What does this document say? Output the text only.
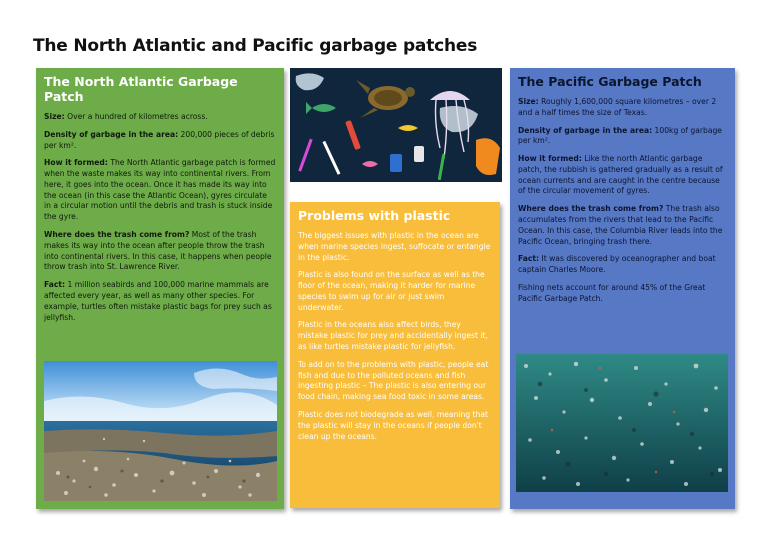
The North Atlantic and Pacific garbage patches
The North Atlantic Garbage Patch

Size: Over a hundred of kilometres across.

Density of garbage in the area: 200,000 pieces of debris per km².

How it formed: The North Atlantic garbage patch is formed when the waste makes its way into continental rivers. From here, it goes into the ocean. Once it has made its way into the ocean (in this case the Atlantic Ocean), gyres circulate in a circular motion until the debris and trash is stuck inside the gyre.

Where does the trash come from? Most of the trash makes its way into the ocean after people throw the trash into continental rivers. In this case, it happens when people throw trash into St. Lawrence River.

Fact: 1 million seabirds and 100,000 marine mammals are affected every year, as well as many other species. For example, turtles often mistake plastic bags for prey such as jellyfish.

Problems with plastic

The biggest issues with plastic in the ocean are when marine species ingest, suffocate or entangle in the plastic.

Plastic is also found on the surface as well as the floor of the ocean, making it harder for marine species to swim up for air or just swim underwater.

Plastic in the oceans also affect birds, they mistake plastic for prey and accidentally ingest it, as like turtles mistake plastic for jellyfish.

To add on to the problems with plastic, people eat fish and due to the polluted oceans and fish ingesting plastic – The plastic is also entering our food chain, making sea food toxic in some areas.

Plastic does not biodegrade as well, meaning that the plastic will stay in the oceans if people don't clean up the oceans.

The Pacific Garbage Patch

Size: Roughly 1,600,000 square kilometres – over 2 and a half times the size of Texas.

Density of garbage in the area: 100kg of garbage per km².

How it formed: Like the north Atlantic garbage patch, the rubbish is gathered gradually as a result of ocean currents and are caught in the centre because of the circular movement of gyres.

Where does the trash come from? The trash also accumulates from the rivers that lead to the Pacific Ocean. In this case, the Columbia River leads into the Pacific Ocean, bringing trash there.

Fact: It was discovered by oceanographer and boat captain Charles Moore.

Fishing nets account for around 45% of the Great Pacific Garbage Patch.
